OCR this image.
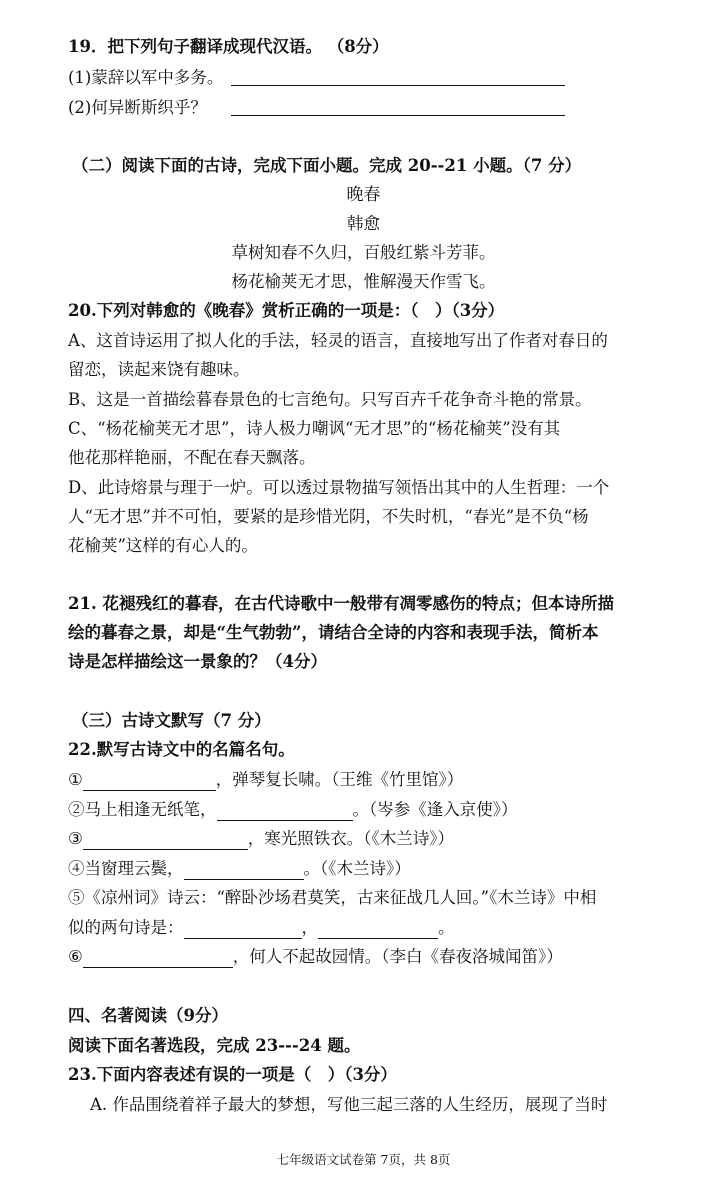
19．把下列句子翻译成现代汉语。 （8分）
(1)蒙辞以军中多务。
(2)何异断斯织乎？
（二）阅读下面的古诗，完成下面小题。完成 20--21 小题。（7 分）
晚春
韩愈
草树知春不久归，百般红紫斗芳菲。
杨花榆荚无才思，惟解漫天作雪飞。
20.下列对韩愈的《晚春》赏析正确的一项是：（　）（3分）
A、这首诗运用了拟人化的手法，轻灵的语言，直接地写出了作者对春日的
留恋，读起来饶有趣味。
B、这是一首描绘暮春景色的七言绝句。只写百卉千花争奇斗艳的常景。
C、“杨花榆荚无才思”，诗人极力嘲讽“无才思”的“杨花榆荚”没有其
他花那样艳丽，不配在春天飘落。
D、此诗熔景与理于一炉。可以透过景物描写领悟出其中的人生哲理：一个
人“无才思”并不可怕，要紧的是珍惜光阴，不失时机，“春光”是不负“杨
花榆荚”这样的有心人的。
21. 花褪残红的暮春，在古代诗歌中一般带有凋零感伤的特点；但本诗所描
绘的暮春之景，却是“生气勃勃”，请结合全诗的内容和表现手法，简析本
诗是怎样描绘这一景象的？（4分）
（三）古诗文默写（7 分）
22.默写古诗文中的名篇名句。
①	，弹琴复长啸。（王维《竹里馆》）
②马上相逢无纸笔，	。（岑参《逢入京使》）
③	，寒光照铁衣。（《木兰诗》）
④当窗理云鬓，	。（《木兰诗》）
⑤《凉州词》诗云：“醉卧沙场君莫笑，古来征战几人回。”《木兰诗》中相
似的两句诗是：	，	。
⑥	，何人不起故园情。（李白《春夜洛城闻笛》）
四、名著阅读（9分）
阅读下面名著选段，完成 23---24 题。
23.下面内容表述有误的一项是（　）（3分）
A. 作品围绕着祥子最大的梦想，写他三起三落的人生经历，展现了当时
七年级语文试卷第 7页，共 8页
